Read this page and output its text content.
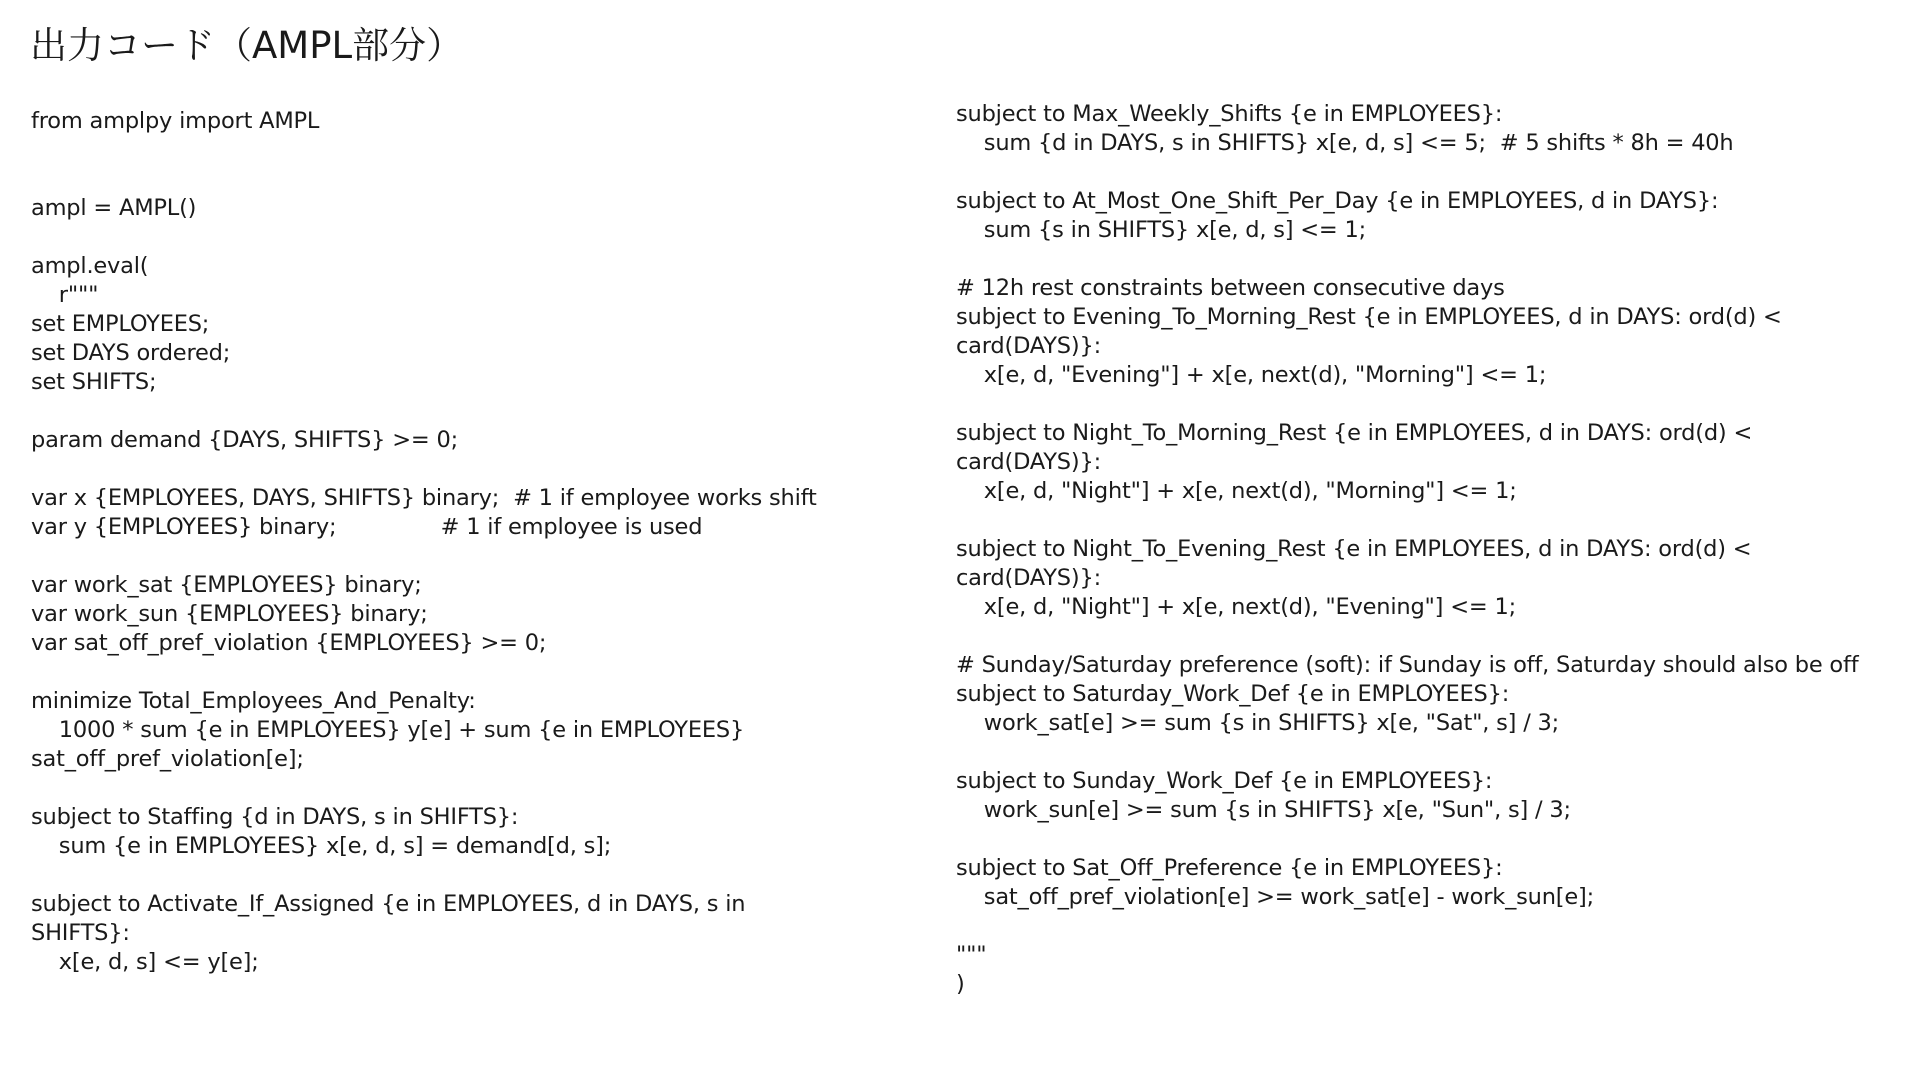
出力コード（AMPL部分）
from amplpy import AMPL

ampl = AMPL()

ampl.eval(
r"""
set EMPLOYEES;
set DAYS ordered;
set SHIFTS;

param demand {DAYS, SHIFTS} >= 0;

var x {EMPLOYEES, DAYS, SHIFTS} binary;  # 1 if employee works shift
var y {EMPLOYEES} binary;               # 1 if employee is used

var work_sat {EMPLOYEES} binary;
var work_sun {EMPLOYEES} binary;
var sat_off_pref_violation {EMPLOYEES} >= 0;

minimize Total_Employees_And_Penalty:
1000 * sum {e in EMPLOYEES} y[e] + sum {e in EMPLOYEES}
sat_off_pref_violation[e];

subject to Staffing {d in DAYS, s in SHIFTS}:
sum {e in EMPLOYEES} x[e, d, s] = demand[d, s];

subject to Activate_If_Assigned {e in EMPLOYEES, d in DAYS, s in
SHIFTS}:
x[e, d, s] <= y[e];
subject to Max_Weekly_Shifts {e in EMPLOYEES}:
sum {d in DAYS, s in SHIFTS} x[e, d, s] <= 5;  # 5 shifts * 8h = 40h

subject to At_Most_One_Shift_Per_Day {e in EMPLOYEES, d in DAYS}:
sum {s in SHIFTS} x[e, d, s] <= 1;

# 12h rest constraints between consecutive days
subject to Evening_To_Morning_Rest {e in EMPLOYEES, d in DAYS: ord(d) <
card(DAYS)}:
x[e, d, "Evening"] + x[e, next(d), "Morning"] <= 1;

subject to Night_To_Morning_Rest {e in EMPLOYEES, d in DAYS: ord(d) <
card(DAYS)}:
x[e, d, "Night"] + x[e, next(d), "Morning"] <= 1;

subject to Night_To_Evening_Rest {e in EMPLOYEES, d in DAYS: ord(d) <
card(DAYS)}:
x[e, d, "Night"] + x[e, next(d), "Evening"] <= 1;

# Sunday/Saturday preference (soft): if Sunday is off, Saturday should also be off
subject to Saturday_Work_Def {e in EMPLOYEES}:
work_sat[e] >= sum {s in SHIFTS} x[e, "Sat", s] / 3;

subject to Sunday_Work_Def {e in EMPLOYEES}:
work_sun[e] >= sum {s in SHIFTS} x[e, "Sun", s] / 3;

subject to Sat_Off_Preference {e in EMPLOYEES}:
sat_off_pref_violation[e] >= work_sat[e] - work_sun[e];

"""
)
